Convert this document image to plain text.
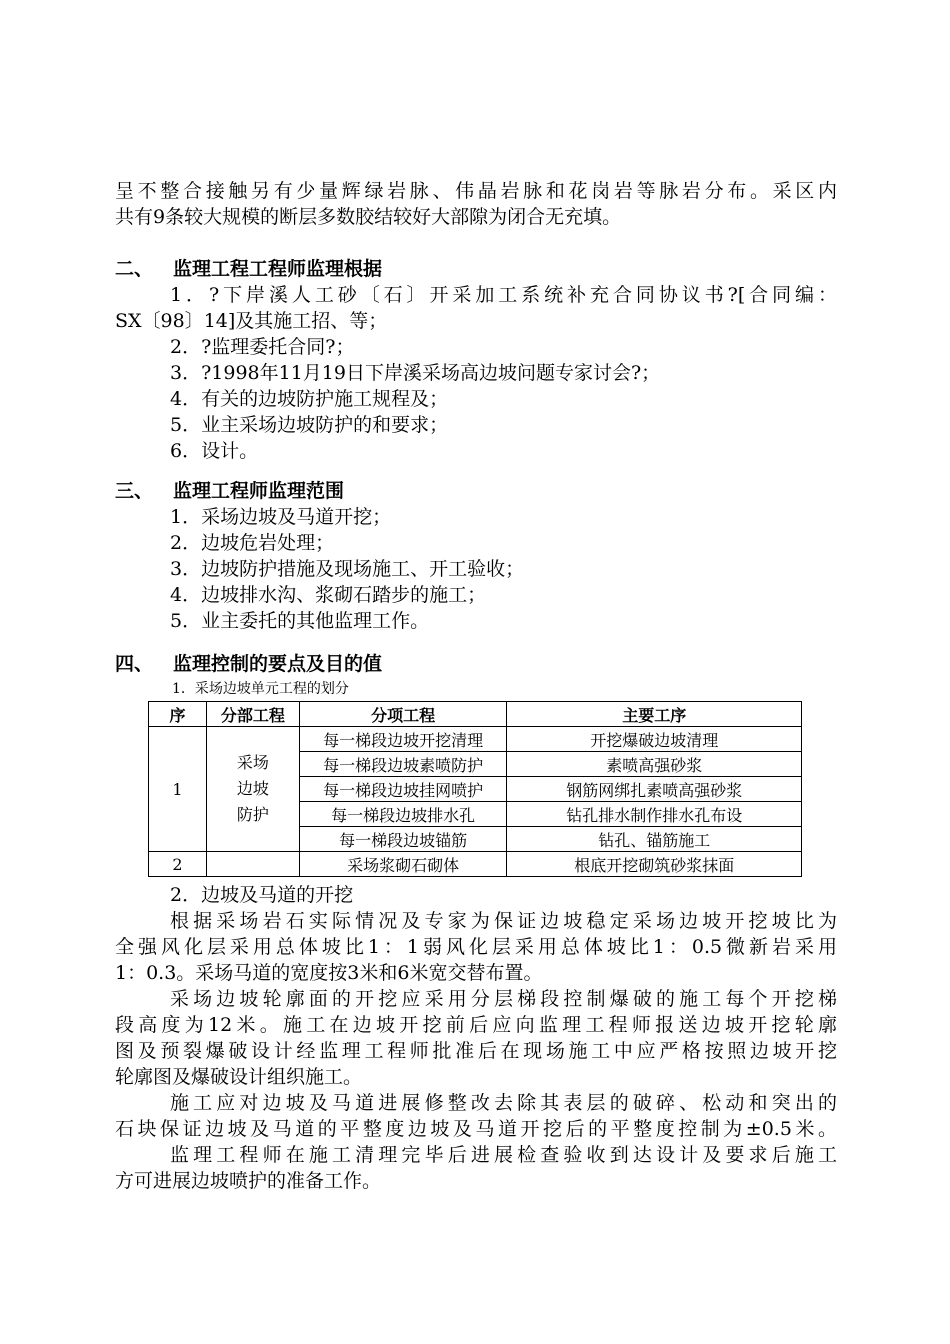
呈不整合接触另有少量辉绿岩脉、伟晶岩脉和花岗岩等脉岩分布。采区内
共有9条较大规模的断层多数胶结较好大部隙为闭合无充填。
二、 监理工程工程师监理根据
1．?下岸溪人工砂〔石〕开采加工系统补充合同协议书?[合同编：
SX〔98〕14]及其施工招、等；
2．?监理委托合同?；
3．?1998年11月19日下岸溪采场高边坡问题专家讨会?；
4．有关的边坡防护施工规程及；
5．业主采场边坡防护的和要求；
6．设计。
三、 监理工程师监理范围
1．采场边坡及马道开挖；
2．边坡危岩处理；
3．边坡防护措施及现场施工、开工验收；
4．边坡排水沟、浆砌石踏步的施工；
5．业主委托的其他监理工作。
四、 监理控制的要点及目的值
1．采场边坡单元工程的划分
序	分部工程	分项工程	主要工序
1	采场
边坡
防护	每一梯段边坡开挖清理	开挖爆破边坡清理
		每一梯段边坡素喷防护	素喷高强砂浆
		每一梯段边坡挂网喷护	钢筋网绑扎素喷高强砂浆
		每一梯段边坡排水孔	钻孔排水制作排水孔布设
		每一梯段边坡锚筋	钻孔、锚筋施工
2		采场浆砌石砌体	根底开挖砌筑砂浆抹面
2．边坡及马道的开挖
根据采场岩石实际情况及专家为保证边坡稳定采场边坡开挖坡比为
全强风化层采用总体坡比1：1弱风化层采用总体坡比1：0.5微新岩采用
1：0.3。采场马道的宽度按3米和6米宽交替布置。
采场边坡轮廓面的开挖应采用分层梯段控制爆破的施工每个开挖梯
段高度为12米。施工在边坡开挖前后应向监理工程师报送边坡开挖轮廓
图及预裂爆破设计经监理工程师批准后在现场施工中应严格按照边坡开挖
轮廓图及爆破设计组织施工。
施工应对边坡及马道进展修整改去除其表层的破碎、松动和突出的
石块保证边坡及马道的平整度边坡及马道开挖后的平整度控制为±0.5米。
监理工程师在施工清理完毕后进展检查验收到达设计及要求后施工
方可进展边坡喷护的准备工作。
